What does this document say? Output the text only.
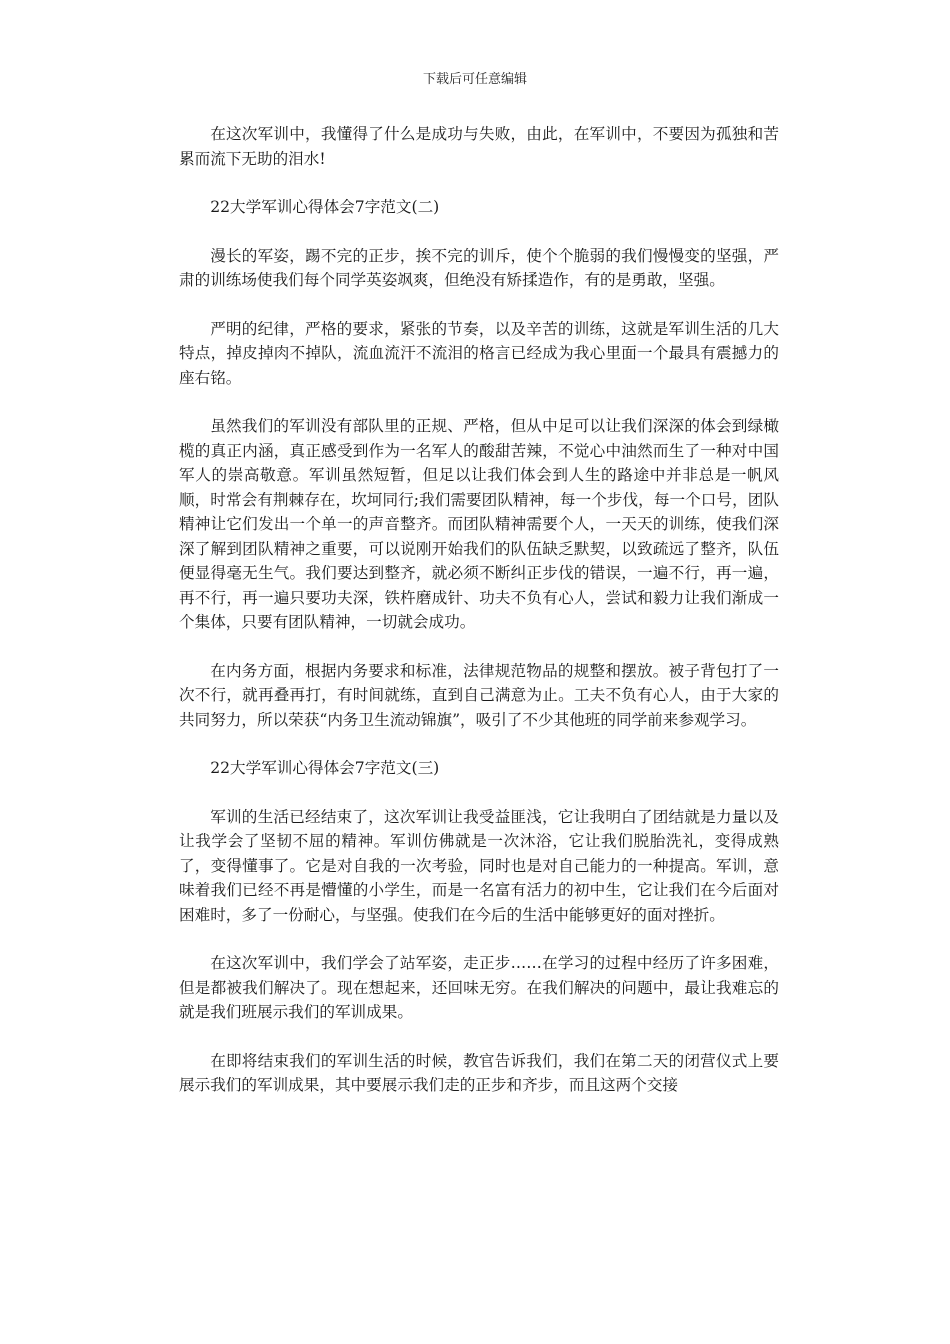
下载后可任意编辑

在这次军训中，我懂得了什么是成功与失败，由此，在军训中，不要因为孤独和苦累而流下无助的泪水!

22大学军训心得体会7字范文(二)

漫长的军姿，踢不完的正步，挨不完的训斥，使个个脆弱的我们慢慢变的坚强，严肃的训练场使我们每个同学英姿飒爽，但绝没有矫揉造作，有的是勇敢，坚强。

严明的纪律，严格的要求，紧张的节奏，以及辛苦的训练，这就是军训生活的几大特点，掉皮掉肉不掉队，流血流汗不流泪的格言已经成为我心里面一个最具有震撼力的座右铭。

虽然我们的军训没有部队里的正规、严格，但从中足可以让我们深深的体会到绿橄榄的真正内涵，真正感受到作为一名军人的酸甜苦辣，不觉心中油然而生了一种对中国军人的崇高敬意。军训虽然短暂，但足以让我们体会到人生的路途中并非总是一帆风顺，时常会有荆棘存在，坎坷同行;我们需要团队精神，每一个步伐，每一个口号，团队精神让它们发出一个单一的声音整齐。而团队精神需要个人，一天天的训练，使我们深深了解到团队精神之重要，可以说刚开始我们的队伍缺乏默契，以致疏远了整齐，队伍便显得毫无生气。我们要达到整齐，就必须不断纠正步伐的错误，一遍不行，再一遍，再不行，再一遍只要功夫深，铁杵磨成针、功夫不负有心人，尝试和毅力让我们渐成一个集体，只要有团队精神，一切就会成功。

在内务方面，根据内务要求和标准，法律规范物品的规整和摆放。被子背包打了一次不行，就再叠再打，有时间就练，直到自己满意为止。工夫不负有心人，由于大家的共同努力，所以荣获“内务卫生流动锦旗”，吸引了不少其他班的同学前来参观学习。

22大学军训心得体会7字范文(三)

军训的生活已经结束了，这次军训让我受益匪浅，它让我明白了团结就是力量以及让我学会了坚韧不屈的精神。军训仿佛就是一次沐浴，它让我们脱胎洗礼，变得成熟了，变得懂事了。它是对自我的一次考验，同时也是对自己能力的一种提高。军训，意味着我们已经不再是懵懂的小学生，而是一名富有活力的初中生，它让我们在今后面对困难时，多了一份耐心，与坚强。使我们在今后的生活中能够更好的面对挫折。

在这次军训中，我们学会了站军姿，走正步……在学习的过程中经历了许多困难，但是都被我们解决了。现在想起来，还回味无穷。在我们解决的问题中，最让我难忘的就是我们班展示我们的军训成果。

在即将结束我们的军训生活的时候，教官告诉我们，我们在第二天的闭营仪式上要展示我们的军训成果，其中要展示我们走的正步和齐步，而且这两个交接
